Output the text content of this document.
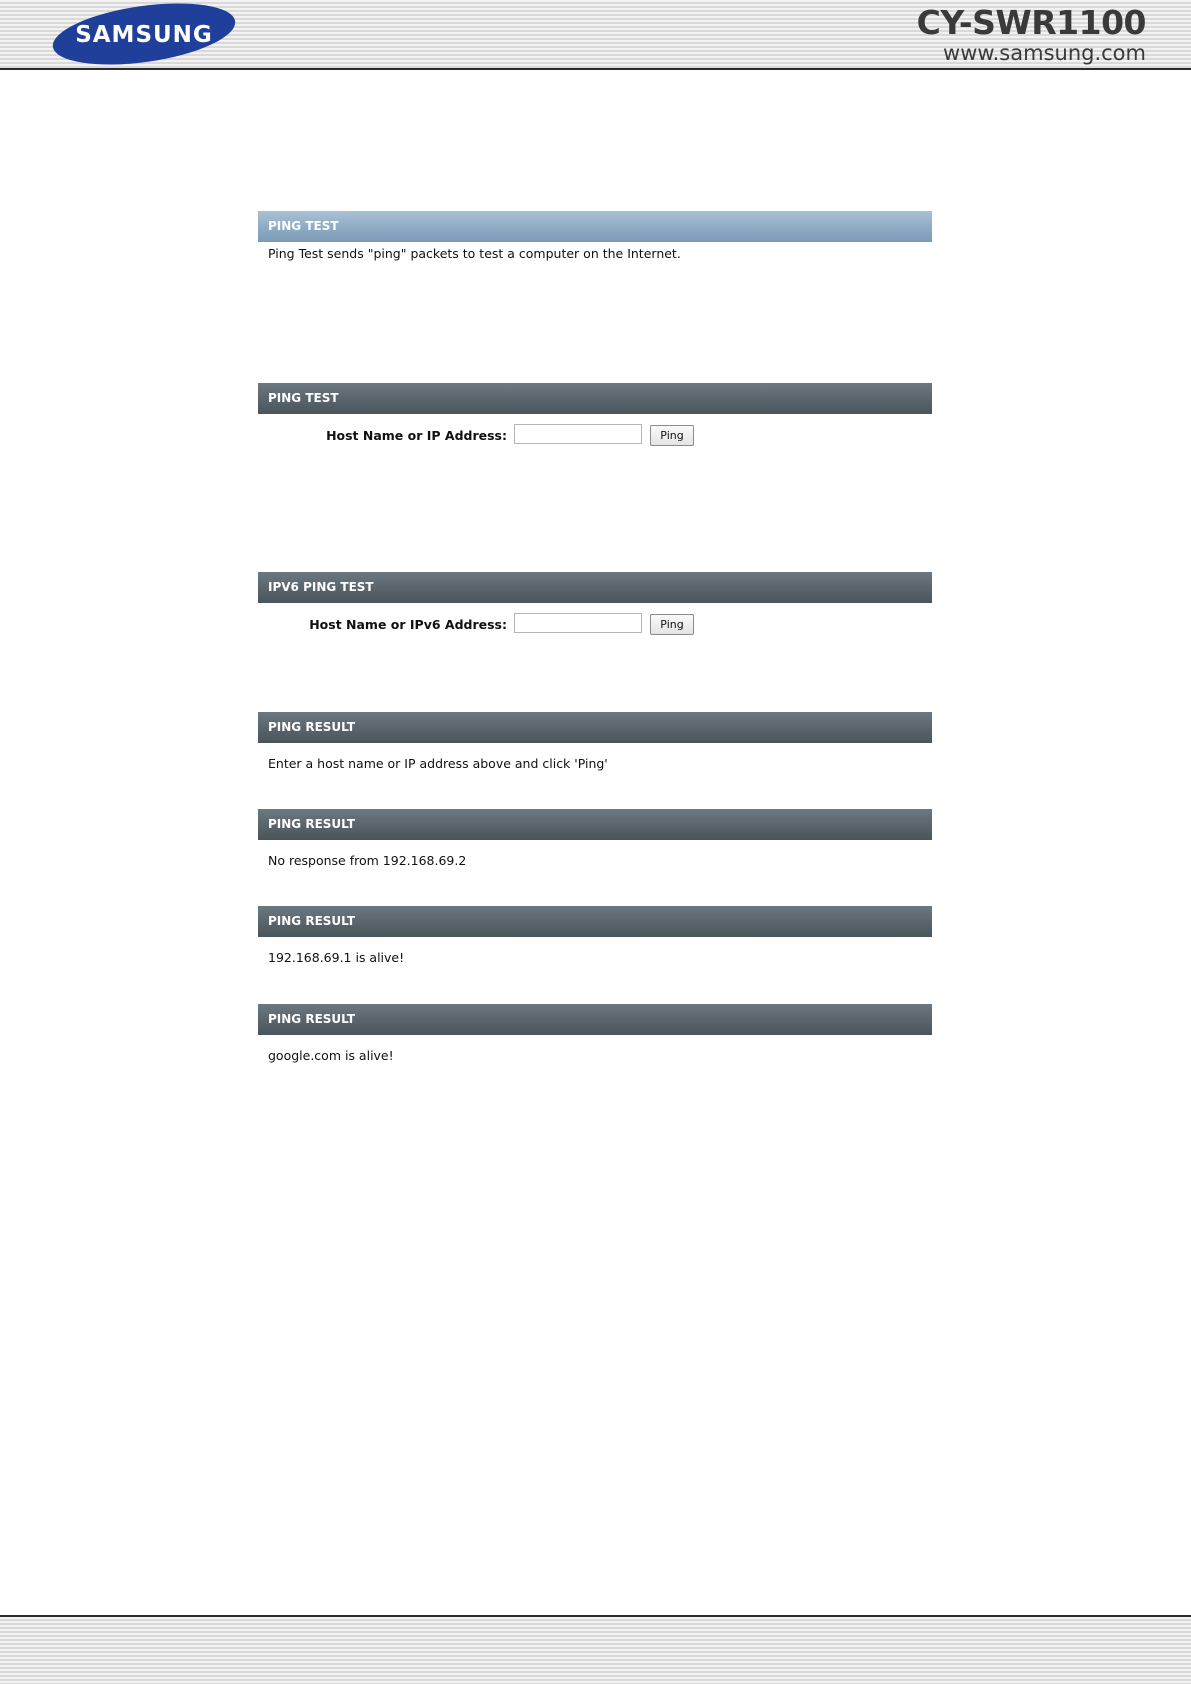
SAMSUNG	CY-SWR1100
www.samsung.com
PING TEST
Ping Test sends "ping" packets to test a computer on the Internet.
PING TEST
Host Name or IP Address :	Ping
IPV6 PING TEST
Host Name or IPv6 Address :	Ping
PING RESULT
Enter a host name or IP address above and click 'Ping'
PING RESULT
No response from 192.168.69.2
PING RESULT
192.168.69.1 is alive!
PING RESULT
google.com is alive!
